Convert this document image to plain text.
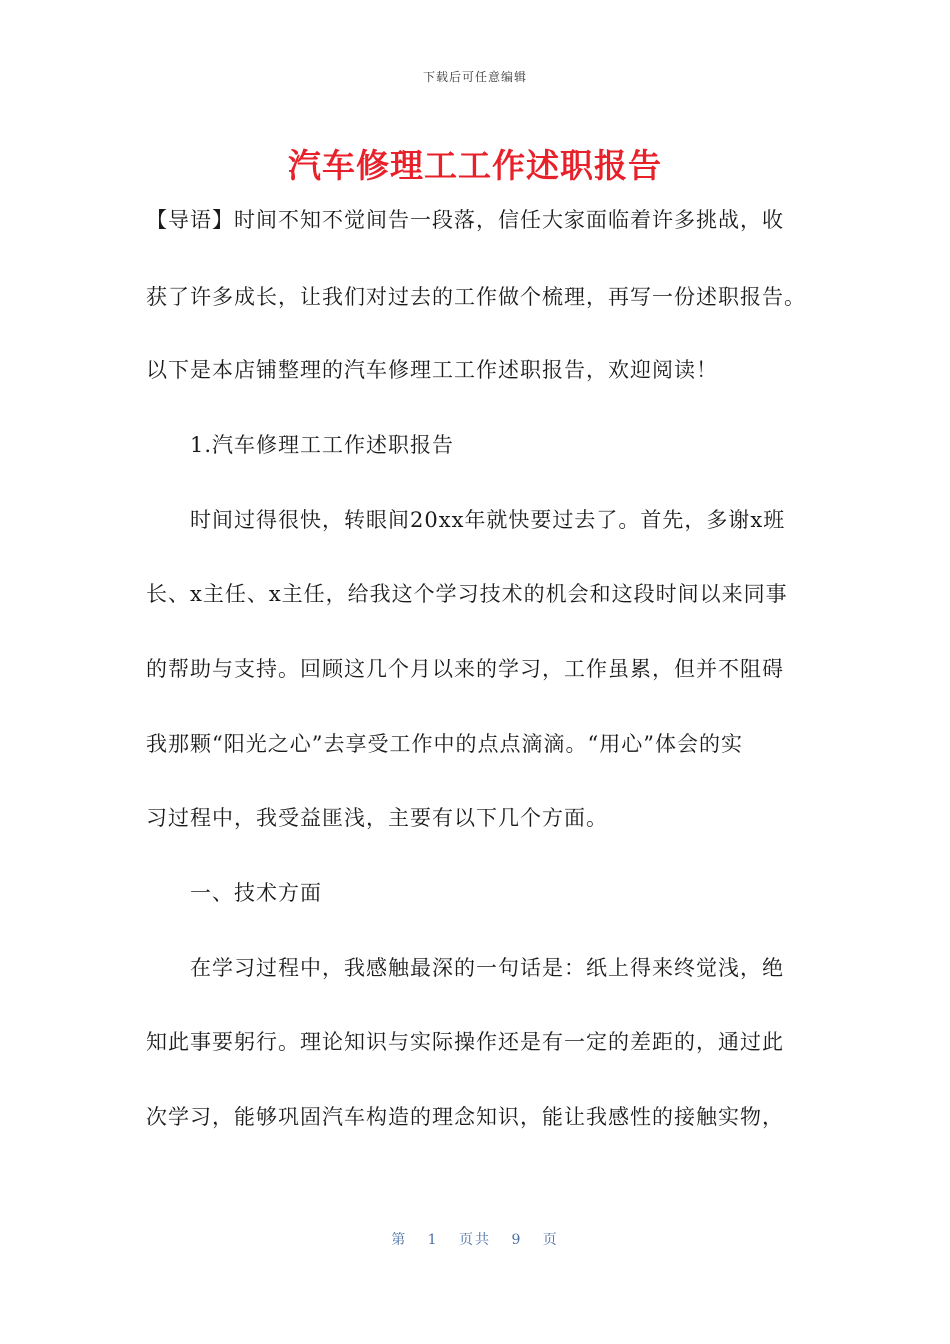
下载后可任意编辑
汽车修理工工作述职报告
【导语】时间不知不觉间告一段落，信任大家面临着许多挑战，收
获了许多成长，让我们对过去的工作做个梳理，再写一份述职报告。
以下是本店铺整理的汽车修理工工作述职报告，欢迎阅读！
1.汽车修理工工作述职报告
时间过得很快，转眼间20xx年就快要过去了。首先，多谢x班
长、x主任、x主任，给我这个学习技术的机会和这段时间以来同事
的帮助与支持。回顾这几个月以来的学习，工作虽累，但并不阻碍
我那颗“阳光之心”去享受工作中的点点滴滴。“用心”体会的实
习过程中，我受益匪浅，主要有以下几个方面。
一、技术方面
在学习过程中，我感触最深的一句话是：纸上得来终觉浅，绝
知此事要躬行。理论知识与实际操作还是有一定的差距的，通过此
次学习，能够巩固汽车构造的理念知识，能让我感性的接触实物，
第 1 页共 9 页
